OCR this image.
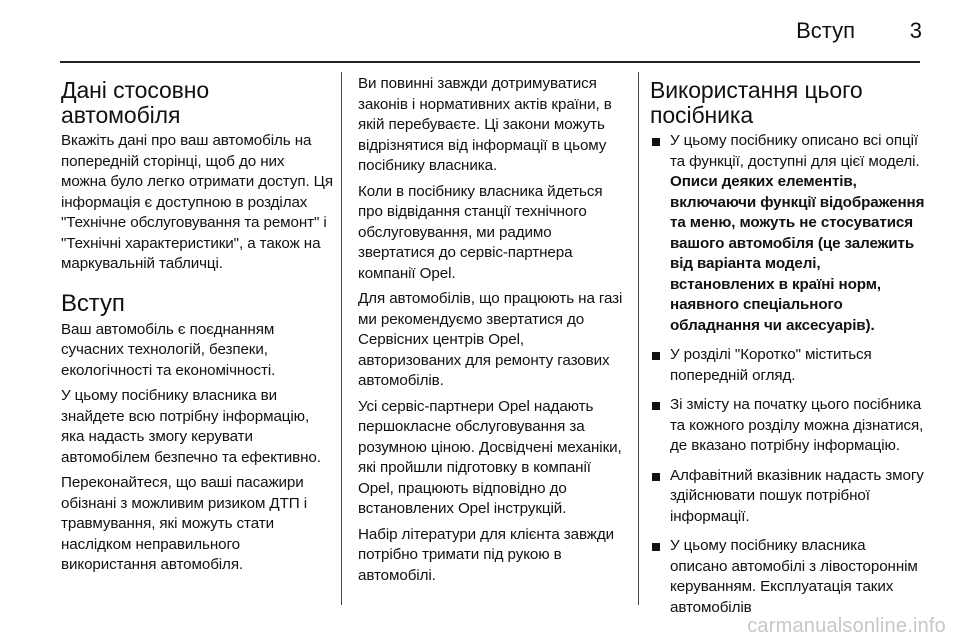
Вступ 3
Дані стосовно автомобіля

Вкажіть дані про ваш автомобіль на попередній сторінці, щоб до них можна було легко отримати доступ. Ця інформація є доступною в розділах "Технічне обслуговування та ремонт" і "Технічні характеристики", а також на маркувальній табличці.

Вступ

Ваш автомобіль є поєднанням сучасних технологій, безпеки, екологічності та економічності.

У цьому посібнику власника ви знайдете всю потрібну інформацію, яка надасть змогу керувати автомобілем безпечно та ефективно.

Переконайтеся, що ваші пасажири обізнані з можливим ризиком ДТП і травмування, які можуть стати наслідком неправильного використання автомобіля.

Ви повинні завжди дотримуватися законів і нормативних актів країни, в якій перебуваєте. Ці закони можуть відрізнятися від інформації в цьому посібнику власника.

Коли в посібнику власника йдеться про відвідання станції технічного обслуговування, ми радимо звертатися до сервіс-партнера компанії Opel.

Для автомобілів, що працюють на газі ми рекомендуємо звертатися до Сервісних центрів Opel, авторизованих для ремонту газових автомобілів.

Усі сервіс-партнери Opel надають першокласне обслуговування за розумною ціною. Досвідчені механіки, які пройшли підготовку в компанії Opel, працюють відповідно до встановлених Opel інструкцій.

Набір літератури для клієнта завжди потрібно тримати під рукою в автомобілі.

Використання цього посібника
У цьому посібнику описано всі опції та функції, доступні для цієї моделі. Описи деяких елементів, включаючи функції відображення та меню, можуть не стосуватися вашого автомобіля (це залежить від варіанта моделі, встановлених в країні норм, наявного спеціального обладнання чи аксесуарів).
У розділі "Коротко" міститься попередній огляд.
Зі змісту на початку цього посібника та кожного розділу можна дізнатися, де вказано потрібну інформацію.
Алфавітний вказівник надасть змогу здійснювати пошук потрібної інформації.
У цьому посібнику власника описано автомобілі з лівостороннім керуванням. Експлуатація таких автомобілів
carmanualsonline.info
